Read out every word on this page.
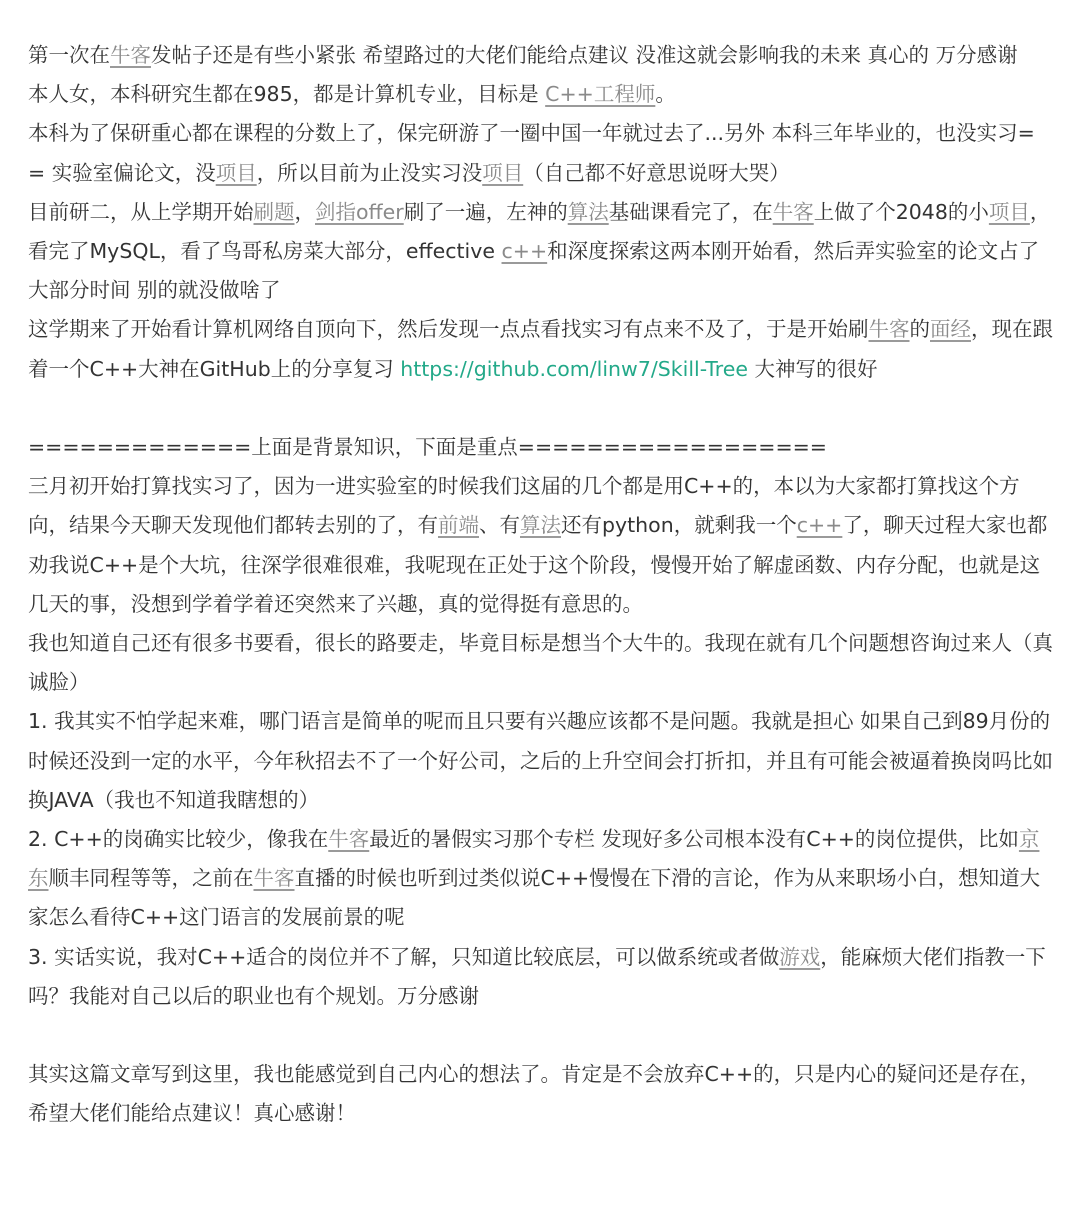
第一次在牛客发帖子还是有些小紧张 希望路过的大佬们能给点建议 没准这就会影响我的未来 真心的 万分感谢
本人女，本科研究生都在985，都是计算机专业，目标是 C++工程师。
本科为了保研重心都在课程的分数上了，保完研游了一圈中国一年就过去了...另外 本科三年毕业的，也没实习= = 实验室偏论文，没项目，所以目前为止没实习没项目（自己都不好意思说呀大哭）
目前研二，从上学期开始刷题，剑指offer刷了一遍，左神的算法基础课看完了，在牛客上做了个2048的小项目，看完了MySQL，看了鸟哥私房菜大部分，effective c++和深度探索这两本刚开始看，然后弄实验室的论文占了大部分时间 别的就没做啥了
这学期来了开始看计算机网络自顶向下，然后发现一点点看找实习有点来不及了，于是开始刷牛客的面经，现在跟着一个C++大神在GitHub上的分享复习 https://github.com/linw7/Skill-Tree 大神写的很好
=============上面是背景知识，下面是重点==================
三月初开始打算找实习了，因为一进实验室的时候我们这届的几个都是用C++的，本以为大家都打算找这个方向，结果今天聊天发现他们都转去别的了，有前端、有算法还有python，就剩我一个c++了，聊天过程大家也都劝我说C++是个大坑，往深学很难很难，我呢现在正处于这个阶段，慢慢开始了解虚函数、内存分配，也就是这几天的事，没想到学着学着还突然来了兴趣，真的觉得挺有意思的。
我也知道自己还有很多书要看，很长的路要走，毕竟目标是想当个大牛的。我现在就有几个问题想咨询过来人（真诚脸）
1. 我其实不怕学起来难，哪门语言是简单的呢而且只要有兴趣应该都不是问题。我就是担心 如果自己到89月份的时候还没到一定的水平，今年秋招去不了一个好公司，之后的上升空间会打折扣，并且有可能会被逼着换岗吗比如换JAVA（我也不知道我瞎想的）
2. C++的岗确实比较少，像我在牛客最近的暑假实习那个专栏 发现好多公司根本没有C++的岗位提供，比如京东顺丰同程等等，之前在牛客直播的时候也听到过类似说C++慢慢在下滑的言论，作为从来职场小白，想知道大家怎么看待C++这门语言的发展前景的呢
3. 实话实说，我对C++适合的岗位并不了解，只知道比较底层，可以做系统或者做游戏，能麻烦大佬们指教一下吗？我能对自己以后的职业也有个规划。万分感谢
其实这篇文章写到这里，我也能感觉到自己内心的想法了。肯定是不会放弃C++的，只是内心的疑问还是存在，希望大佬们能给点建议！真心感谢！
